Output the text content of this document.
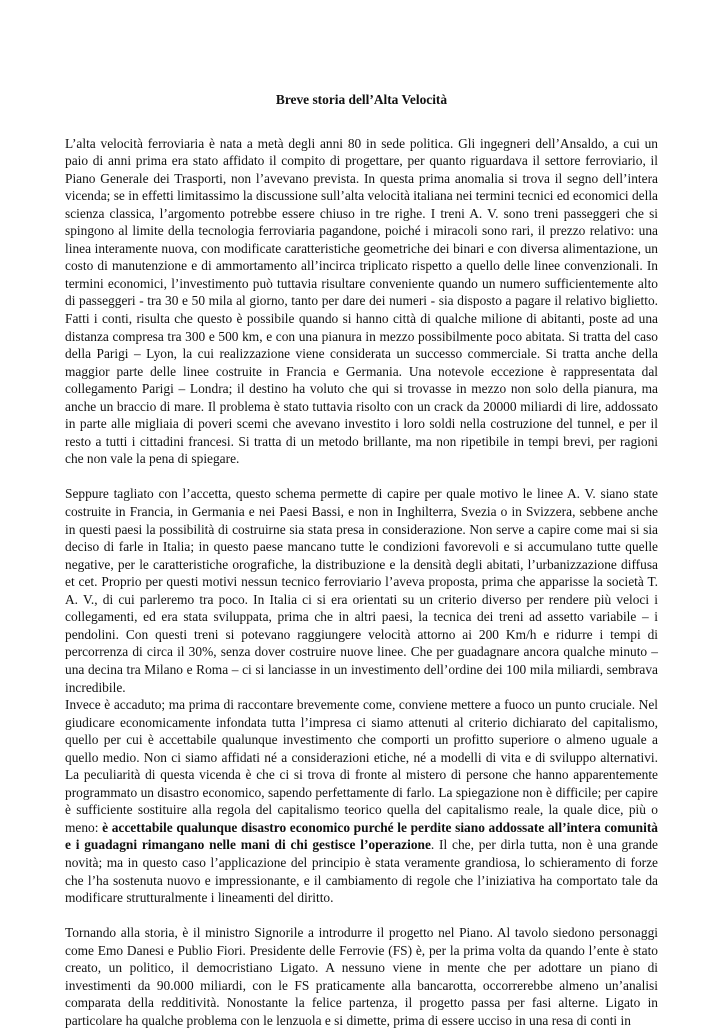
Breve storia dell’Alta Velocità

L’alta velocità ferroviaria è nata a metà degli anni 80 in sede politica. Gli ingegneri dell’Ansaldo, a cui un paio di anni prima era stato affidato il compito di progettare, per quanto riguardava il settore ferroviario, il Piano Generale dei Trasporti, non l’avevano prevista. In questa prima anomalia si trova il segno dell’intera vicenda; se in effetti limitassimo la discussione sull’alta velocità italiana nei termini tecnici ed economici della scienza classica, l’argomento potrebbe essere chiuso in tre righe. I treni A. V. sono treni passeggeri che si spingono al limite della tecnologia ferroviaria pagandone, poiché i miracoli sono rari, il prezzo relativo: una linea interamente nuova, con modificate caratteristiche geometriche dei binari e con diversa alimentazione, un costo di manutenzione e di ammortamento all’incirca triplicato rispetto a quello delle linee convenzionali. In termini economici, l’investimento può tuttavia risultare conveniente quando un numero sufficientemente alto di passeggeri - tra 30 e 50 mila al giorno, tanto per dare dei numeri - sia disposto a pagare il relativo biglietto. Fatti i conti, risulta che questo è possibile quando si hanno città di qualche milione di abitanti, poste ad una distanza compresa tra 300 e 500 km, e con una pianura in mezzo possibilmente poco abitata. Si tratta del caso della Parigi – Lyon, la cui realizzazione viene considerata un successo commerciale. Si tratta anche della maggior parte delle linee costruite in Francia e Germania. Una notevole eccezione è rappresentata dal collegamento Parigi – Londra; il destino ha voluto che qui si trovasse in mezzo non solo della pianura, ma anche un braccio di mare. Il problema è stato tuttavia risolto con un crack da 20000 miliardi di lire, addossato in parte alle migliaia di poveri scemi che avevano investito i loro soldi nella costruzione del tunnel, e per il resto a tutti i cittadini francesi. Si tratta di un metodo brillante, ma non ripetibile in tempi brevi, per ragioni che non vale la pena di spiegare.

Seppure tagliato con l’accetta, questo schema permette di capire per quale motivo le linee A. V. siano state costruite in Francia, in Germania e nei Paesi Bassi, e non in Inghilterra, Svezia o in Svizzera, sebbene anche in questi paesi la possibilità di costruirne sia stata presa in considerazione. Non serve a capire come mai si sia deciso di farle in Italia; in questo paese mancano tutte le condizioni favorevoli e si accumulano tutte quelle negative, per le caratteristiche orografiche, la distribuzione e la densità degli abitati, l’urbanizzazione diffusa et cet. Proprio per questi motivi nessun tecnico ferroviario l’aveva proposta, prima che apparisse la società T. A. V., di cui parleremo tra poco. In Italia ci si era orientati su un criterio diverso per rendere più veloci i collegamenti, ed era stata sviluppata, prima che in altri paesi, la tecnica dei treni ad assetto variabile – i pendolini. Con questi treni si potevano raggiungere velocità attorno ai 200 Km/h e ridurre i tempi di percorrenza di circa il 30%, senza dover costruire nuove linee. Che per guadagnare ancora qualche minuto – una decina tra Milano e Roma – ci si lanciasse in un investimento dell’ordine dei 100 mila miliardi, sembrava incredibile.

Invece è accaduto; ma prima di raccontare brevemente come, conviene mettere a fuoco un punto cruciale. Nel giudicare economicamente infondata tutta l’impresa ci siamo attenuti al criterio dichiarato del capitalismo, quello per cui è accettabile qualunque investimento che comporti un profitto superiore o almeno uguale a quello medio. Non ci siamo affidati né a considerazioni etiche, né a modelli di vita e di sviluppo alternativi. La peculiarità di questa vicenda è che ci si trova di fronte al mistero di persone che hanno apparentemente programmato un disastro economico, sapendo perfettamente di farlo. La spiegazione non è difficile; per capire è sufficiente sostituire alla regola del capitalismo teorico quella del capitalismo reale, la quale dice, più o meno: è accettabile qualunque disastro economico purché le perdite siano addossate all’intera comunità e i guadagni rimangano nelle mani di chi gestisce l’operazione. Il che, per dirla tutta, non è una grande novità; ma in questo caso l’applicazione del principio è stata veramente grandiosa, lo schieramento di forze che l’ha sostenuta nuovo e impressionante, e il cambiamento di regole che l’iniziativa ha comportato tale da modificare strutturalmente i lineamenti del diritto.

Tornando alla storia, è il ministro Signorile a introdurre il progetto nel Piano. Al tavolo siedono personaggi come Emo Danesi e Publio Fiori. Presidente delle Ferrovie (FS) è, per la prima volta da quando l’ente è stato creato, un politico, il democristiano Ligato. A nessuno viene in mente che per adottare un piano di investimenti da 90.000 miliardi, con le FS praticamente alla bancarotta, occorrerebbe almeno un’analisi comparata della redditività. Nonostante la felice partenza, il progetto passa per fasi alterne. Ligato in particolare ha qualche problema con le lenzuola e si dimette, prima di essere ucciso in una resa di conti in
